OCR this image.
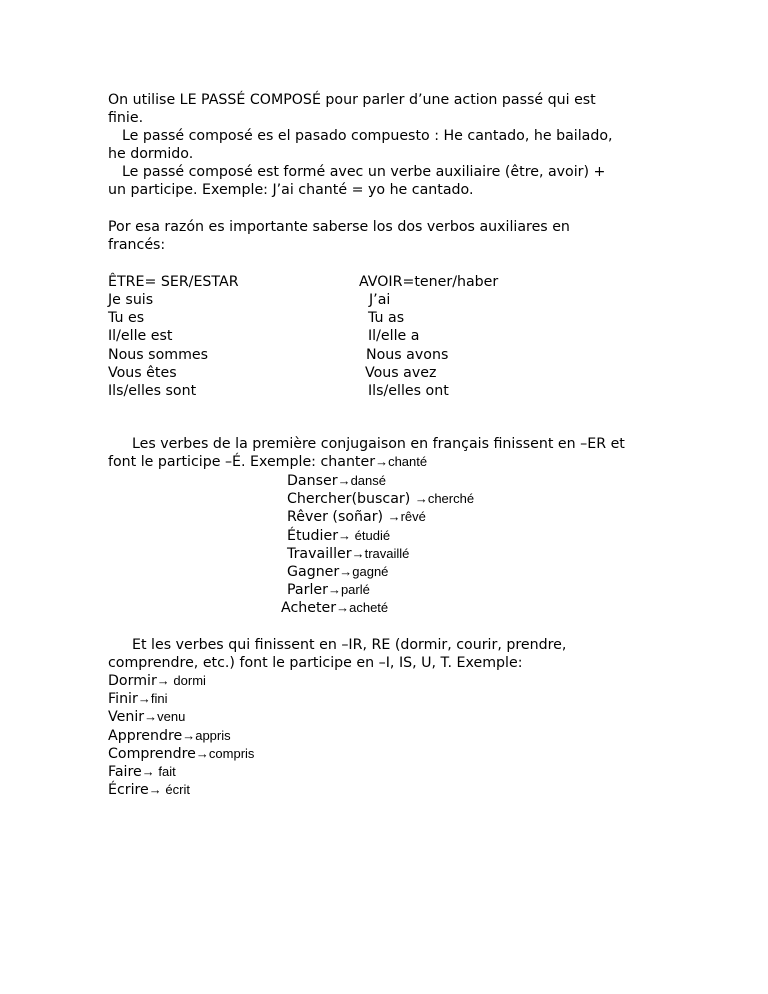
On utilise LE PASSÉ COMPOSÉ pour parler d’une action passé qui est
finie.
Le passé composé es el pasado compuesto : He cantado, he bailado,
he dormido.
Le passé composé est formé avec un verbe auxiliaire (être, avoir) +
un participe. Exemple: J’ai chanté = yo he cantado.
Por esa razón es importante saberse los dos verbos auxiliares en
francés:
ÊTRE= SER/ESTAR
Je suis
Tu es
Il/elle est
Nous sommes
Vous êtes
Ils/elles sont
AVOIR=tener/haber
J’ai
Tu as
Il/elle a
Nous avons
Vous avez
Ils/elles ont
Les verbes de la première conjugaison en français finissent en –ER et
font le participe –É. Exemple: chanter→chanté
Danser→dansé
Chercher(buscar) →cherché
Rêver (soñar) →rêvé
Étudier→ étudié
Travailler→travaillé
Gagner→gagné
Parler→parlé
Acheter→acheté
Et les verbes qui finissent en –IR, RE (dormir, courir, prendre,
comprendre, etc.) font le participe en –I, IS, U, T. Exemple:
Dormir→ dormi
Finir→fini
Venir→venu
Apprendre→appris
Comprendre→compris
Faire→ fait
Écrire→ écrit
